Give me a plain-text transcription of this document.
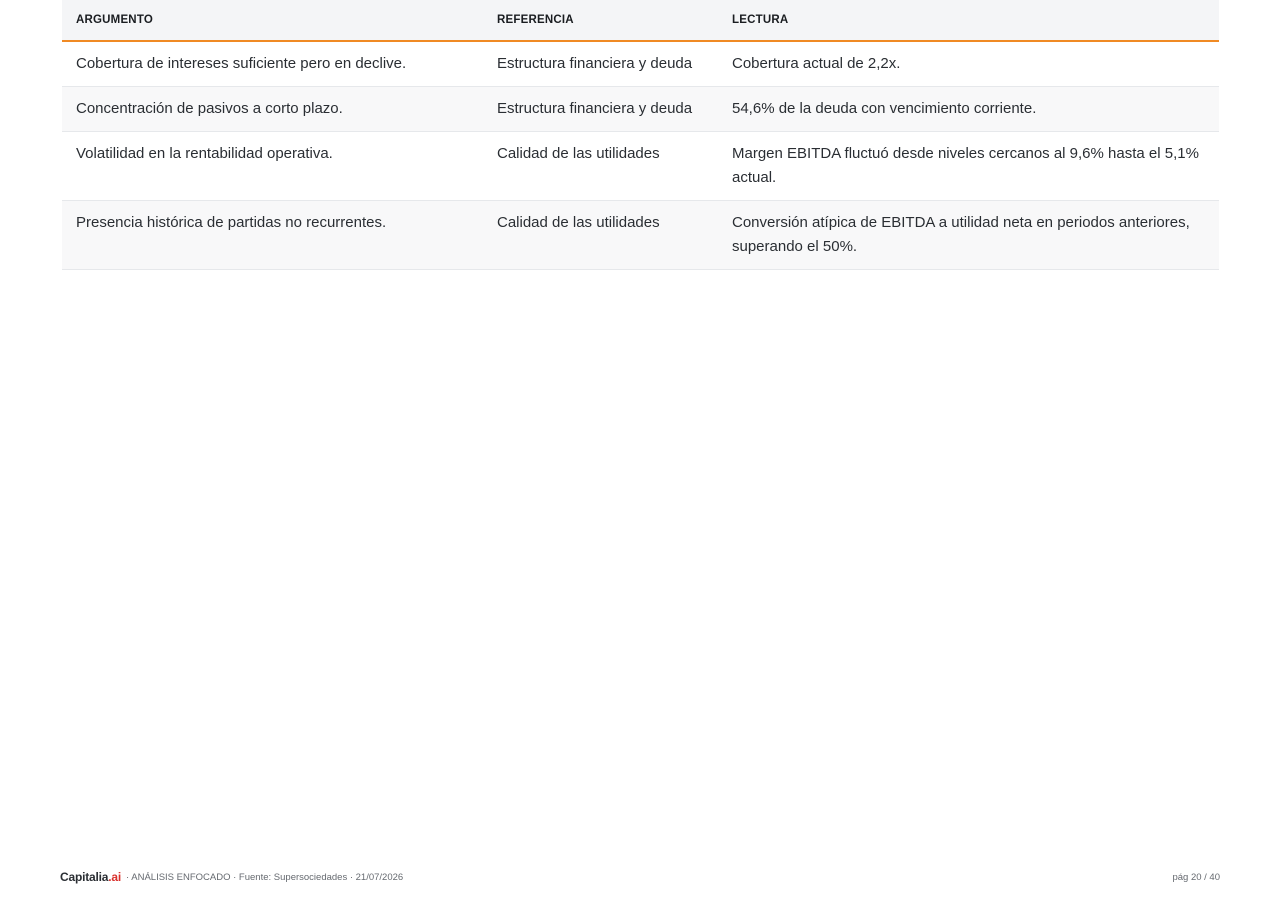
ARGUMENTO	REFERENCIA	LECTURA
Cobertura de intereses suficiente pero en declive.	Estructura financiera y deuda	Cobertura actual de 2,2x.
Concentración de pasivos a corto plazo.	Estructura financiera y deuda	54,6% de la deuda con vencimiento corriente.
Volatilidad en la rentabilidad operativa.	Calidad de las utilidades	Margen EBITDA fluctuó desde niveles cercanos al 9,6% hasta el 5,1% actual.
Presencia histórica de partidas no recurrentes.	Calidad de las utilidades	Conversión atípica de EBITDA a utilidad neta en periodos anteriores, superando el 50%.
Capitalia.ai · ANÁLISIS ENFOCADO · Fuente: Supersociedades · 21/07/2026	pág 20 / 40
